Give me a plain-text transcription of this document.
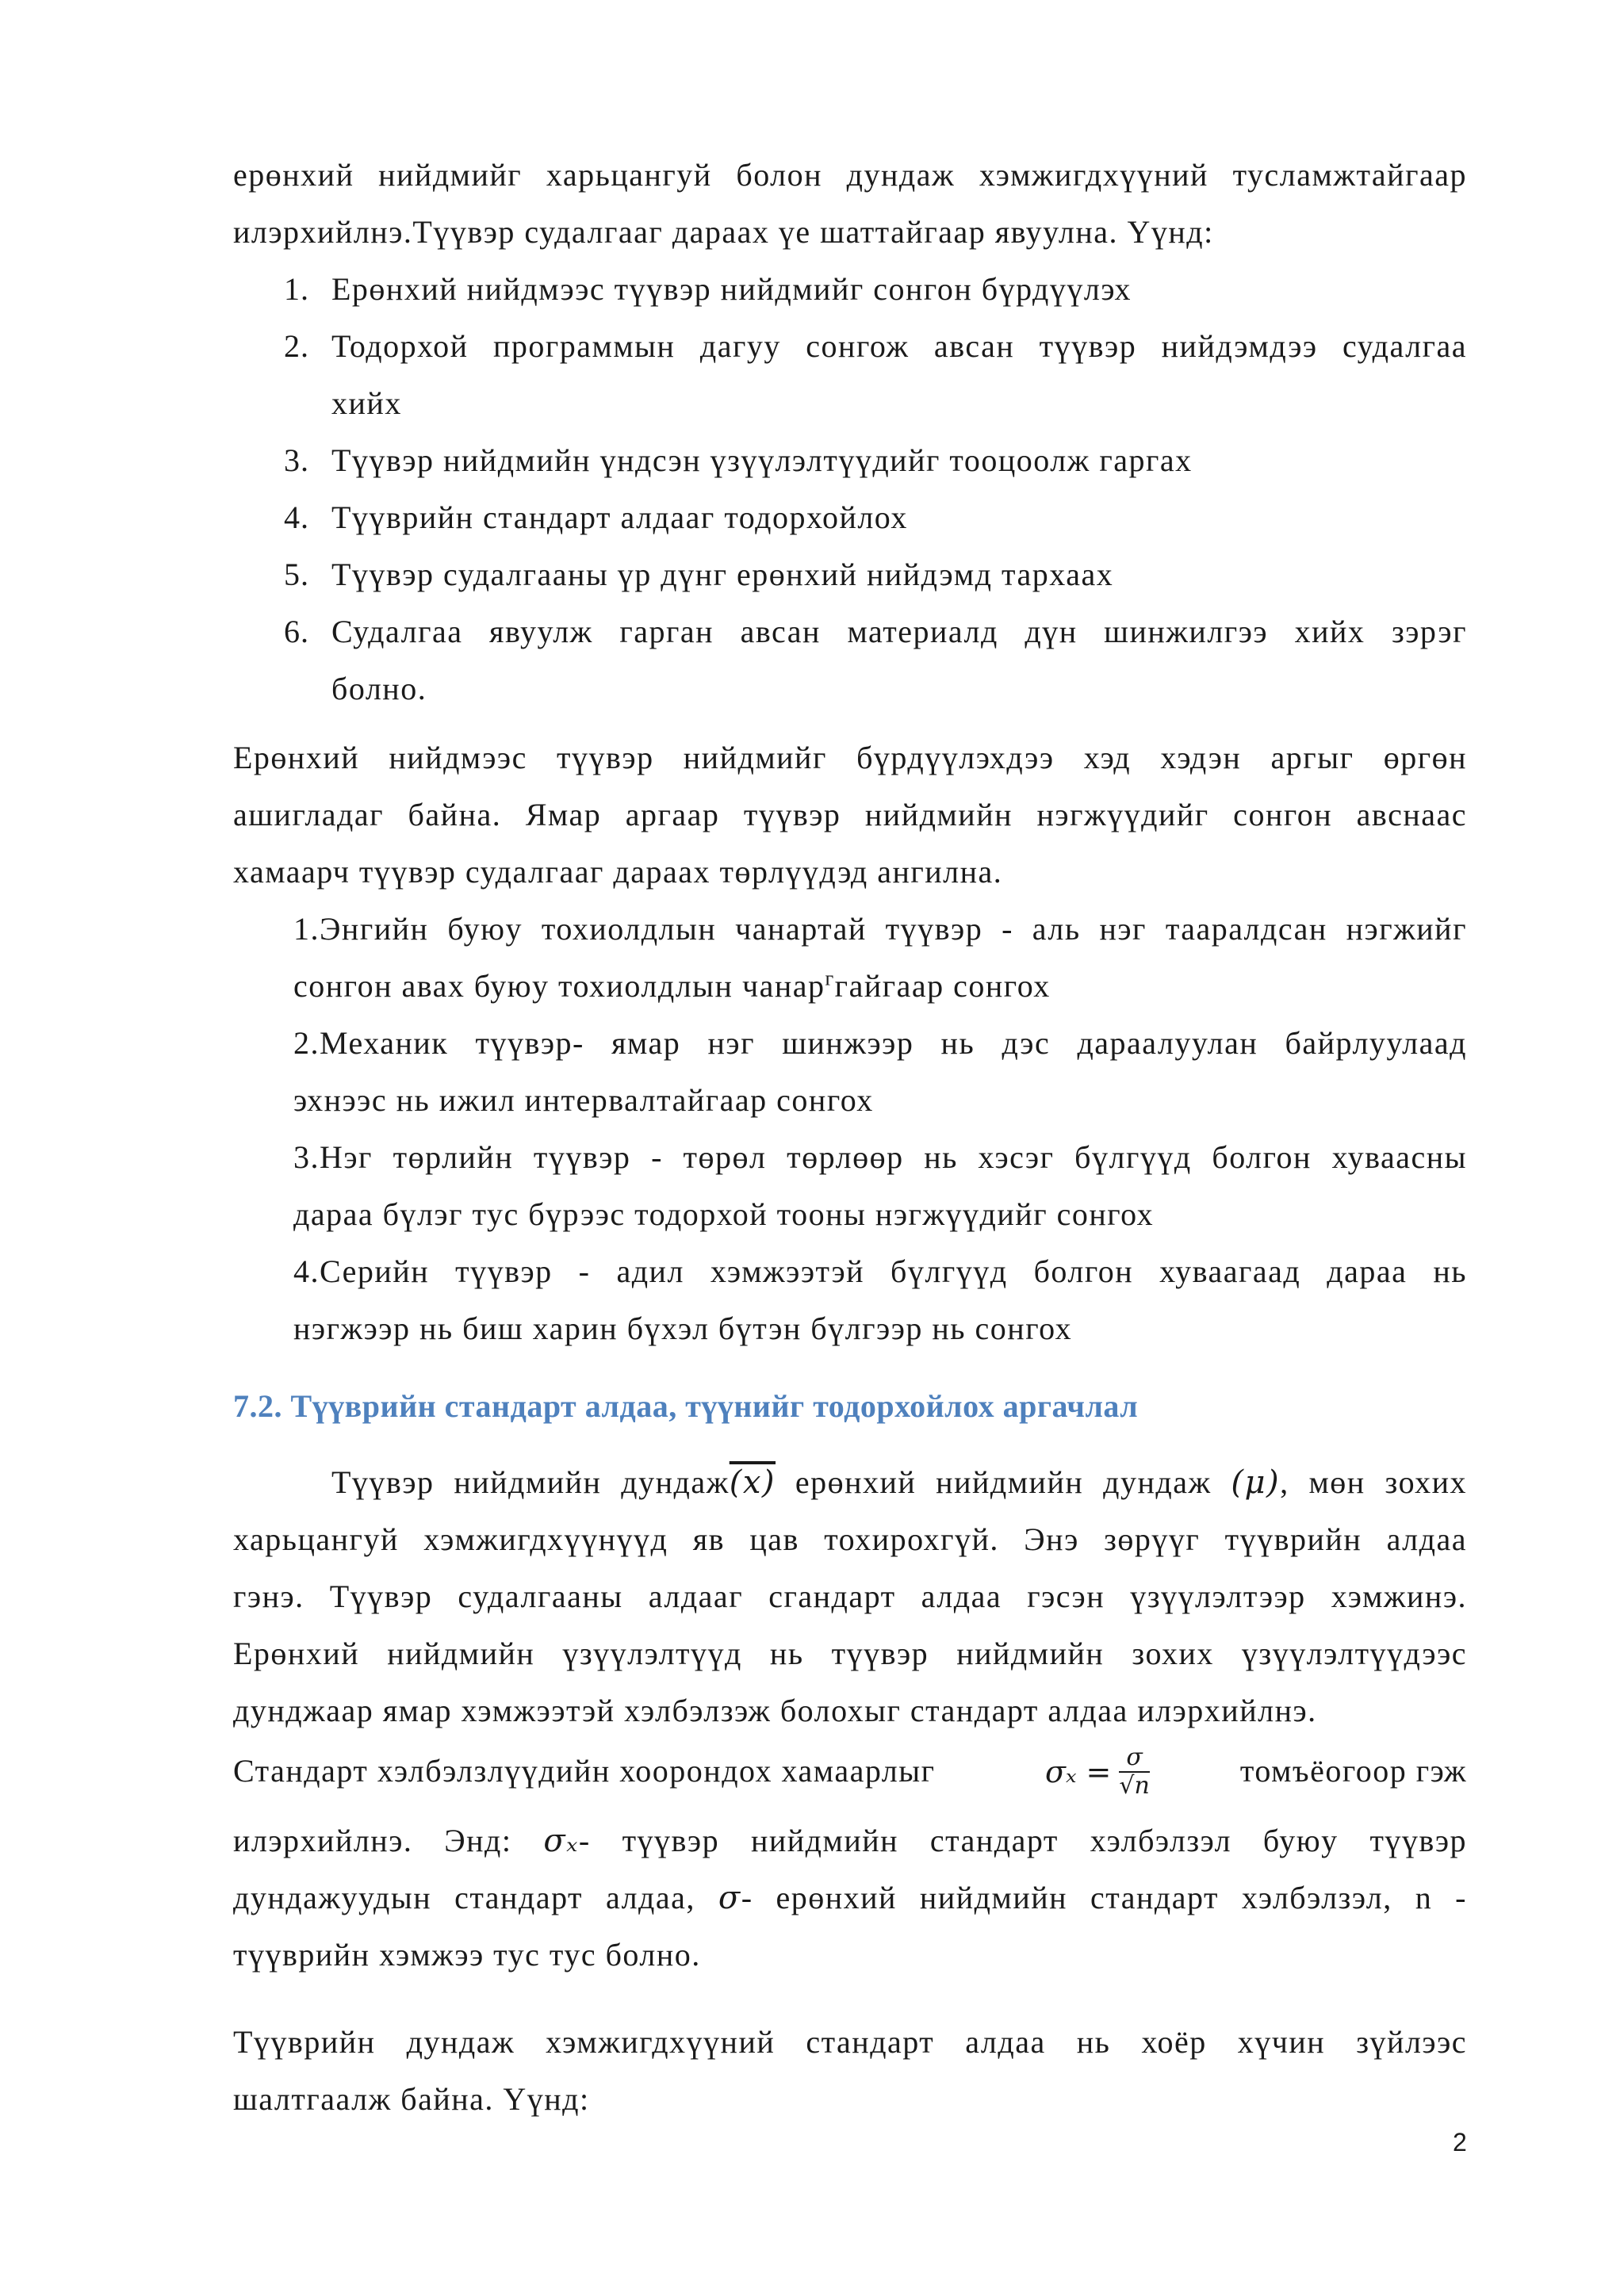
ерөнхий нийдмийг харьцангуй болон дундаж хэмжигдхүүний тусламжтайгаар
илэрхийлнэ.Түүвэр судалгааг дараах үе шаттайгаар явуулна. Үүнд:
1. Ерөнхий нийдмээс түүвэр нийдмийг сонгон бүрдүүлэх
2. Тодорхой программын дагуу сонгож авсан түүвэр нийдэмдээ судалгаа
хийх
3. Түүвэр нийдмийн үндсэн үзүүлэлтүүдийг тооцоолж гаргах
4. Түүврийн стандарт алдааг тодорхойлох
5. Түүвэр судалгааны үр дүнг ерөнхий нийдэмд тархаах
6. Судалгаа явуулж гарган авсан материалд дүн шинжилгээ хийх зэрэг
болно.
Ерөнхий нийдмээс түүвэр нийдмийг бүрдүүлэхдээ хэд хэдэн аргыг өргөн
ашигладаг байна. Ямар аргаар түүвэр нийдмийн нэгжүүдийг сонгон авснаас
хамаарч түүвэр судалгааг дараах төрлүүдэд ангилна.
1.Энгийн буюу тохиолдлын чанартай түүвэр - аль нэг таарaлдсан нэгжийг
сонгон авах буюу тохиолдлын чанар$^г$гайгаар сонгох
2.Механик түүвэр- ямар нэг шинжээр нь дэс дараалуулан байрлуулаад
эхнээс нь ижил интервалтайгаар сонгох
3.Нэг төрлийн түүвэр - төрөл төрлөөр нь хэсэг бүлгүүд болгон хуваасны
дараа бүлэг тус бүрээс тодорхой тооны нэгжүүдийг сонгох
4.Серийн түүвэр - адил хэмжээтэй бүлгүүд болгон хуваагаад дараа нь
нэгжээр нь биш харин бүхэл бүтэн бүлгээр нь сонгох
7.2. Түүврийн стандарт алдаа, түүнийг тодорхойлох аргачлал
Түүвэр нийдмийн дундаж(x) ерөнхий нийдмийн дундаж (μ), мөн зохих
харьцангуй хэмжигдхүүнүүд яв цав тохирохгүй. Энэ зөрүүг түүврийн алдаа
гэнэ. Түүвэр судалгааны алдааг сгандарт алдаа гэсэн үзүүлэлтээр хэмжинэ.
Ерөнхий нийдмийн үзүүлэлтүүд нь түүвэр нийдмийн зохих үзүүлэлтүүдээс
дунджаар ямар хэмжээтэй хэлбэлзэж болохыг стандарт алдаа илэрхийлнэ.
Стандарт хэлбэлзлүүдийн хоорондох хамаарлыг	$\sigma_x = \frac{\sigma}{√n}$	томъёогоор гэж
илэрхийлнэ. Энд: σₓ- түүвэр нийдмийн стандарт хэлбэлзэл буюу түүвэр
дундажуудын стандарт алдаа, σ- ерөнхий нийдмийн стандарт хэлбэлзэл, n -
түүврийн хэмжээ тус тус болно.
Түүврийн дундаж хэмжигдхүүний стандарт алдаа нь хоёр хүчин зүйлээс
шалтгаалж байна. Үүнд:
2
